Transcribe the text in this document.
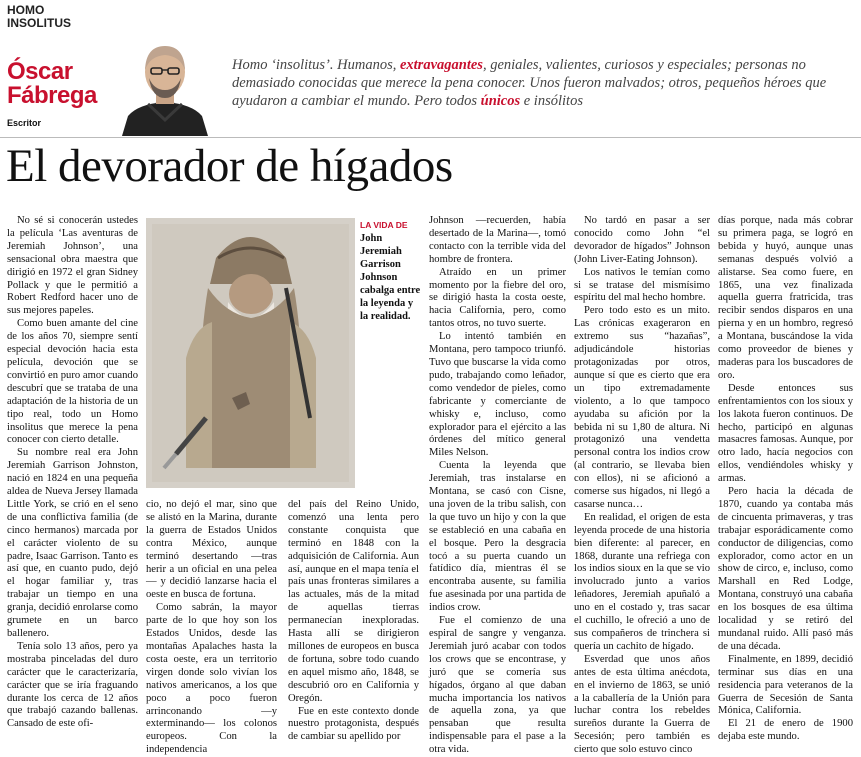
HOMO
INSOLITUS
Óscar
Fábrega
Escritor
Homo ‘insolitus’. Humanos, extravagantes, geniales, valientes, curiosos y especiales; personas no demasiado conocidas que merece la pena conocer. Unos fueron malvados; otros, pequeños héroes que ayudaron a cambiar el mundo. Pero todos únicos e insólitos
El devorador de hígados
LA VIDA DE
John Jeremiah Garrison Johnson cabalga entre la leyenda y la realidad.

No sé si conocerán ustedes la película ‘Las aventuras de Jeremiah Johnson’, una sensacional obra maestra que dirigió en 1972 el gran Sidney Pollack y que le permitió a Robert Redford hacer uno de sus mejores papeles.

Como buen amante del cine de los años 70, siempre sentí especial devoción hacia esta película, devoción que se convirtió en puro amor cuando descubrí que se trataba de una adaptación de la historia de un tipo real, todo un Homo insolitus que merece la pena conocer con cierto detalle.

Su nombre real era John Jeremiah Garrison Johnston, nació en 1824 en una pequeña aldea de Nueva Jersey llamada Little York, se crió en el seno de una conflictiva familia (de cinco hermanos) marcada por el carácter violento de su padre, Isaac Garrison. Tanto es así que, en cuanto pudo, dejó el hogar familiar y, tras trabajar un tiempo en una granja, decidió enrolarse como grumete en un barco ballenero.

Tenía solo 13 años, pero ya mostraba pinceladas del duro carácter que le caracterizaría, carácter que se iría fraguando durante los cerca de 12 años que trabajó cazando ballenas. Cansado de este ofi-

cio, no dejó el mar, sino que se alistó en la Marina, durante la guerra de Estados Unidos contra México, aunque terminó desertando —tras herir a un oficial en una pelea— y decidió lanzarse hacia el oeste en busca de fortuna.

Como sabrán, la mayor parte de lo que hoy son los Estados Unidos, desde las montañas Apalaches hasta la costa oeste, era un territorio virgen donde solo vivían los nativos americanos, a los que poco a poco fueron arrinconando —y exterminando— los colonos europeos. Con la independencia

del país del Reino Unido, comenzó una lenta pero constante conquista que terminó en 1848 con la adquisición de California. Aun así, aunque en el mapa tenía el país unas fronteras similares a las actuales, más de la mitad de aquellas tierras permanecían inexploradas. Hasta allí se dirigieron millones de europeos en busca de fortuna, sobre todo cuando en aquel mismo año, 1848, se descubrió oro en California y Oregón.

Fue en este contexto donde nuestro protagonista, después de cambiar su apellido por

Johnson —recuerden, había desertado de la Marina—, tomó contacto con la terrible vida del hombre de frontera.

Atraído en un primer momento por la fiebre del oro, se dirigió hasta la costa oeste, hacia California, pero, como tantos otros, no tuvo suerte.

Lo intentó también en Montana, pero tampoco triunfó. Tuvo que buscarse la vida como pudo, trabajando como leñador, como vendedor de pieles, como fabricante y comerciante de whisky e, incluso, como explorador para el ejército a las órdenes del mítico general Miles Nelson.

Cuenta la leyenda que Jeremiah, tras instalarse en Montana, se casó con Cisne, una joven de la tribu salish, con la que tuvo un hijo y con la que se estableció en una cabaña en el bosque. Pero la desgracia tocó a su puerta cuando un fatídico día, mientras él se encontraba ausente, su familia fue asesinada por una partida de indios crow.

Fue el comienzo de una espiral de sangre y venganza. Jeremiah juró acabar con todos los crows que se encontrase, y juró que se comería sus hígados, órgano al que daban mucha importancia los nativos de aquella zona, ya que pensaban que resulta indispensable para el pase a la otra vida.

No tardó en pasar a ser conocido como John “el devorador de hígados” Johnson (John Liver-Eating Johnson).

Los nativos le temían como si se tratase del mismísimo espíritu del mal hecho hombre.

Pero todo esto es un mito. Las crónicas exageraron en extremo sus “hazañas”, adjudicándole historias protagonizadas por otros, aunque sí que es cierto que era un tipo extremadamente violento, a lo que tampoco ayudaba su afición por la bebida ni su 1,80 de altura. Ni protagonizó una vendetta personal contra los indios crow (al contrario, se llevaba bien con ellos), ni se aficionó a comerse sus hígados, ni llegó a casarse nunca…

En realidad, el origen de esta leyenda procede de una historia bien diferente: al parecer, en 1868, durante una refriega con los indios sioux en la que se vio involucrado junto a varios leñadores, Jeremiah apuñaló a uno en el costado y, tras sacar el cuchillo, le ofreció a uno de sus compañeros de trinchera si quería un cachito de hígado.

Esverdad que unos años antes de esta última anécdota, en el invierno de 1863, se unió a la caballería de la Unión para luchar contra los rebeldes sureños durante la Guerra de Secesión; pero también es cierto que solo estuvo cinco

días porque, nada más cobrar su primera paga, se logró en bebida y huyó, aunque unas semanas después volvió a alistarse. Sea como fuere, en 1865, una vez finalizada aquella guerra fratricida, tras recibir sendos disparos en una pierna y en un hombro, regresó a Montana, buscándose la vida como proveedor de bienes y maderas para los buscadores de oro.

Desde entonces sus enfrentamientos con los sioux y los lakota fueron continuos. De hecho, participó en algunas masacres famosas. Aunque, por otro lado, hacía negocios con ellos, vendiéndoles whisky y armas.

Pero hacia la década de 1870, cuando ya contaba más de cincuenta primaveras, y tras trabajar esporádicamente como conductor de diligencias, como explorador, como actor en un show de circo, e, incluso, como Marshall en Red Lodge, Montana, construyó una cabaña en los bosques de esa última localidad y se retiró del mundanal ruido. Allí pasó más de una década.

Finalmente, en 1899, decidió terminar sus días en una residencia para veteranos de la Guerra de Secesión de Santa Mónica, California.

El 21 de enero de 1900 dejaba este mundo.
